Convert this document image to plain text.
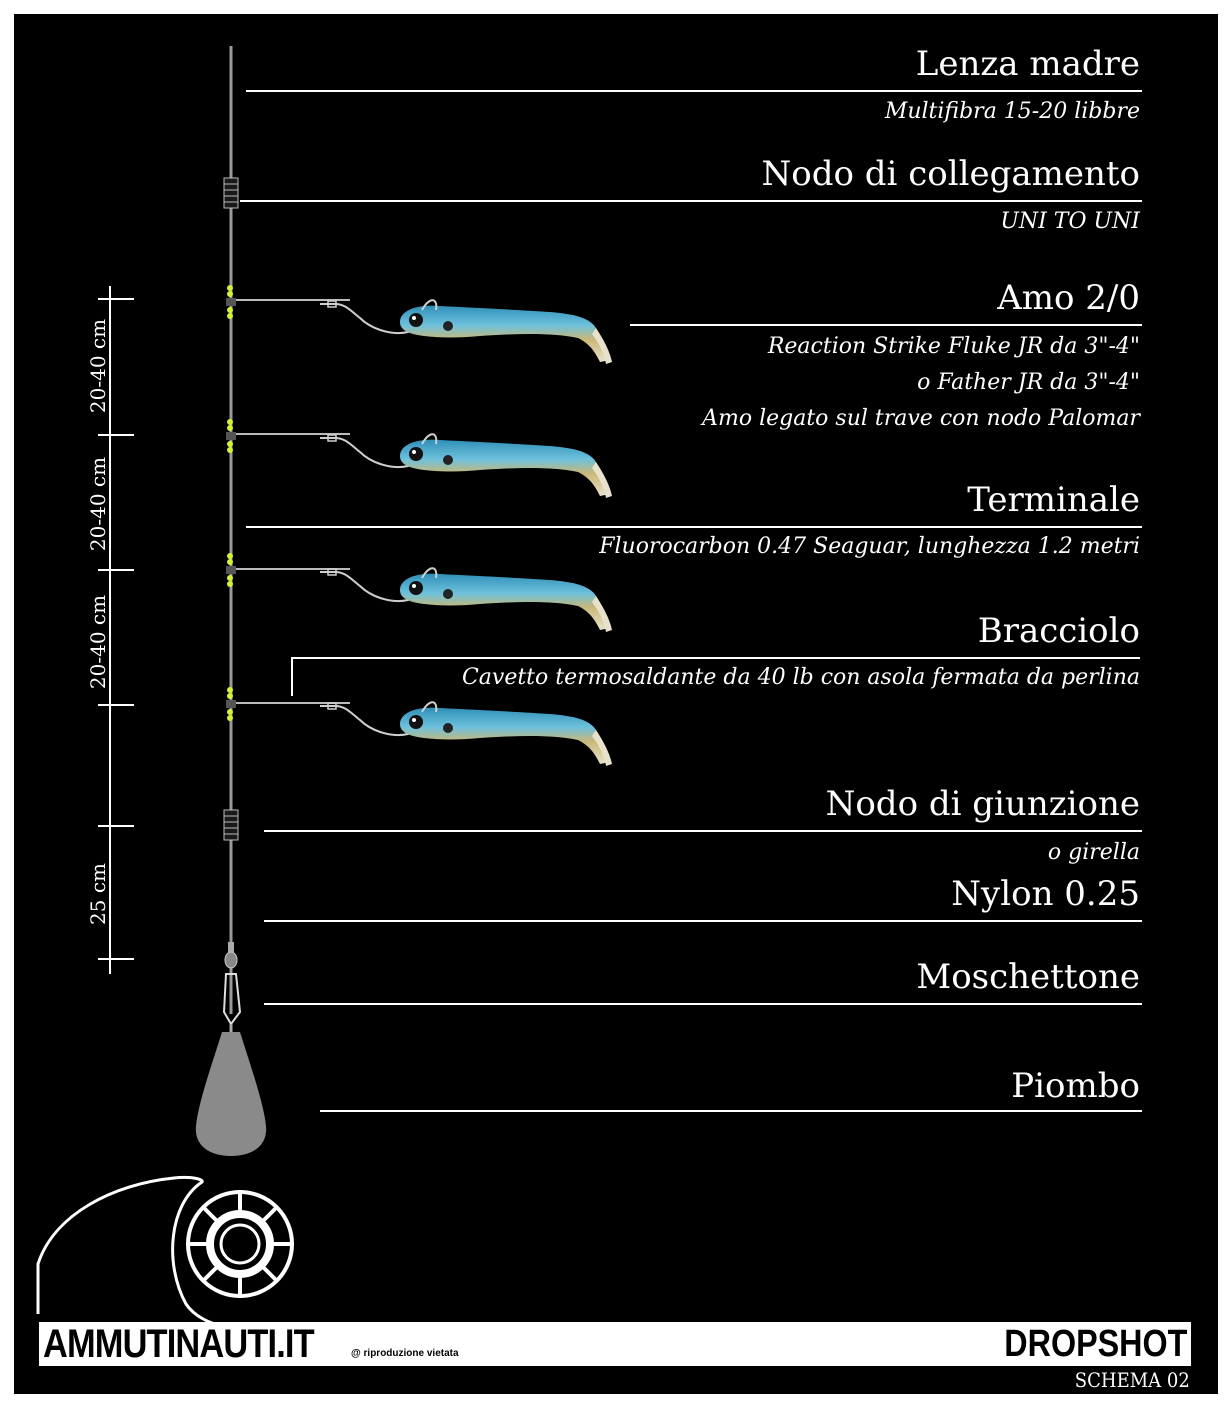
Lenza madre
Multifibra 15-20 libbre
Nodo di collegamento
UNI TO UNI
Amo 2/0
Reaction Strike Fluke JR da 3"-4"
o Father JR da 3"-4"
Amo legato sul trave con nodo Palomar
Terminale
Fluorocarbon 0.47 Seaguar, lunghezza 1.2 metri
Bracciolo
Cavetto termosaldante da 40 lb con asola fermata da perlina
Nodo di giunzione
o girella
Nylon 0.25
Moschettone
Piombo
20-40 cm
20-40 cm
20-40 cm
25 cm
AMMUTINAUTI.IT	@ riproduzione vietata	DROPSHOT
SCHEMA 02
